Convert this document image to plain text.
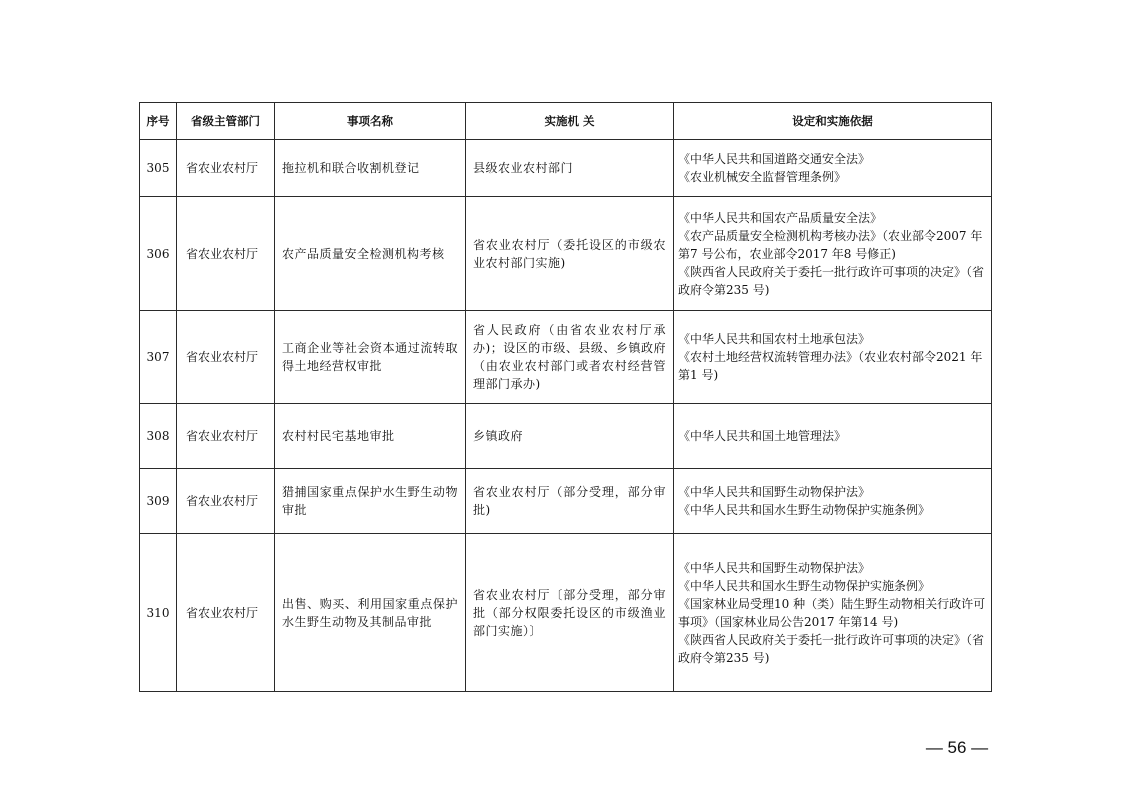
序号	省级主管部门	事项名称	实施机 关	设定和实施依据
305	省农业农村厅	拖拉机和联合收割机登记	县级农业农村部门	《中华人民共和国道路交通安全法》
《农业机械安全监督管理条例》

306	省农业农村厅	农产品质量安全检测机构考核	省农业农村厅（委托设区的市级农业农村部门实施)	《中华人民共和国农产品质量安全法》
《农产品质量安全检测机构考核办法》（农业部令2007 年第7 号公布，农业部令2017 年8 号修正)
《陕西省人民政府关于委托一批行政许可事项的决定》（省政府令第235 号)

307	省农业农村厅	工商企业等社会资本通过流转取得土地经营权审批	省人民政府（由省农业农村厅承办)；设区的市级、县级、乡镇政府（由农业农村部门或者农村经营管理部门承办)	《中华人民共和国农村土地承包法》
《农村土地经营权流转管理办法》（农业农村部令2021 年第1 号)

308	省农业农村厅	农村村民宅基地审批	乡镇政府	《中华人民共和国土地管理法》

309	省农业农村厅	猎捕国家重点保护水生野生动物审批	省农业农村厅（部分受理，部分审批)	《中华人民共和国野生动物保护法》
《中华人民共和国水生野生动物保护实施条例》

310	省农业农村厅	出售、购买、利用国家重点保护水生野生动物及其制品审批	省农业农村厅〔部分受理，部分审批（部分权限委托设区的市级渔业部门实施）〕	《中华人民共和国野生动物保护法》
《中华人民共和国水生野生动物保护实施条例》
《国家林业局受理10 种（类）陆生野生动物相关行政许可事项》（国家林业局公告2017 年第14 号)
《陕西省人民政府关于委托一批行政许可事项的决定》（省政府令第235 号)
— 56 —
